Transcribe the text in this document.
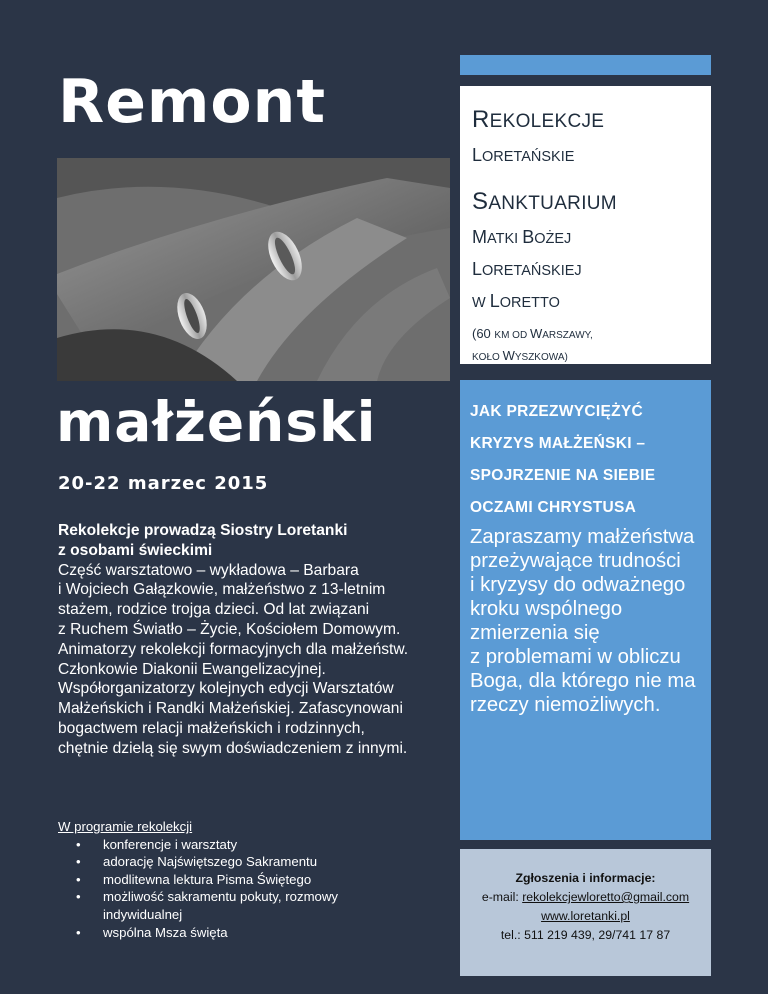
Remont
małżeński
20-22 marzec 2015
Rekolekcje prowadzą Siostry Loretanki
z osobami świeckimi
Część warsztatowo – wykładowa – Barbara
i Wojciech Gałązkowie, małżeństwo z 13-letnim
stażem, rodzice trojga dzieci. Od lat związani
z Ruchem Światło – Życie, Kościołem Domowym.
Animatorzy rekolekcji formacyjnych dla małżeństw.
Członkowie Diakonii Ewangelizacyjnej.
Współorganizatorzy kolejnych edycji Warsztatów
Małżeńskich i Randki Małżeńskiej. Zafascynowani
bogactwem relacji małżeńskich i rodzinnych,
chętnie dzielą się swym doświadczeniem z innymi.
W programie rekolekcji
• konferencje i warsztaty
• adorację Najświętszego Sakramentu
• modlitewna lektura Pisma Świętego
• możliwość sakramentu pokuty, rozmowy
indywidualnej
• wspólna Msza święta
REKOLEKCJE
LORETAŃSKIE
SANKTUARIUM
MATKI BOŻEJ
LORETAŃSKIEJ
W LORETTO
(60 KM OD WARSZAWY,
KOŁO WYSZKOWA)
JAK PRZEZWYCIĘŻYĆ
KRYZYS MAŁŻEŃSKI –
SPOJRZENIE NA SIEBIE
OCZAMI CHRYSTUSA
Zapraszamy małżeństwa
przeżywające trudności
i kryzysy do odważnego
kroku wspólnego
zmierzenia się
z problemami w obliczu
Boga, dla którego nie ma
rzeczy niemożliwych.
Zgłoszenia i informacje:
e-mail: rekolekcjewloretto@gmail.com
www.loretanki.pl
tel.: 511 219 439, 29/741 17 87
